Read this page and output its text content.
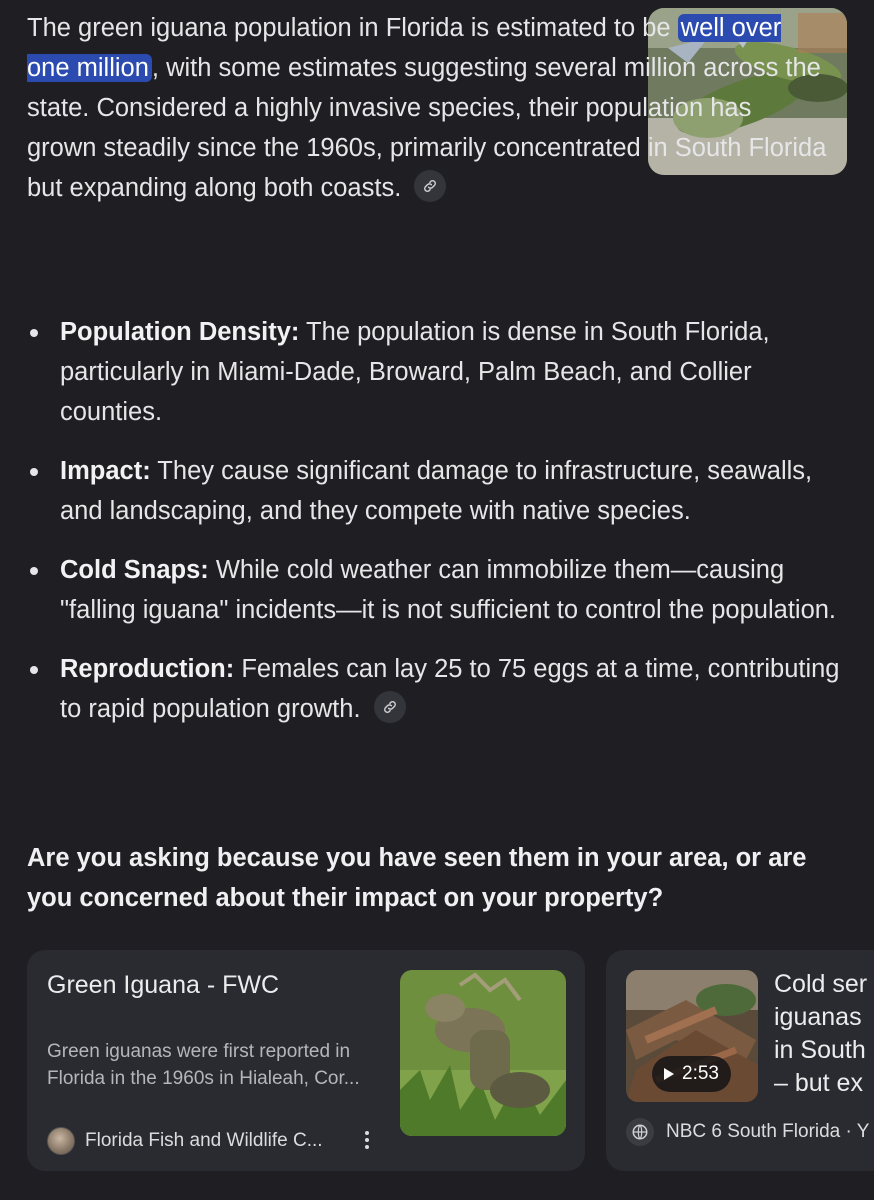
The green iguana population in Florida is estimated to be well over one million , with some estimates suggesting several million across the state. Considered a highly invasive species, their population has grown steadily since the 1960s, primarily concentrated in South Florida but expanding along both coasts.
Population Density: The population is dense in South Florida, particularly in Miami-Dade, Broward, Palm Beach, and Collier counties.
Impact: They cause significant damage to infrastructure, seawalls, and landscaping, and they compete with native species.
Cold Snaps: While cold weather can immobilize them—causing "falling iguana" incidents—it is not sufficient to control the population.
Reproduction: Females can lay 25 to 75 eggs at a time, contributing to rapid population growth.
Are you asking because you have seen them in your area, or are you concerned about their impact on your property?
Green Iguana - FWC
Green iguanas were first reported in Florida in the 1960s in Hialeah, Cor...
Florida Fish and Wildlife C...
2:53
Cold ser
iguanas
in South
– but ex
NBC 6 South Florida · Y
